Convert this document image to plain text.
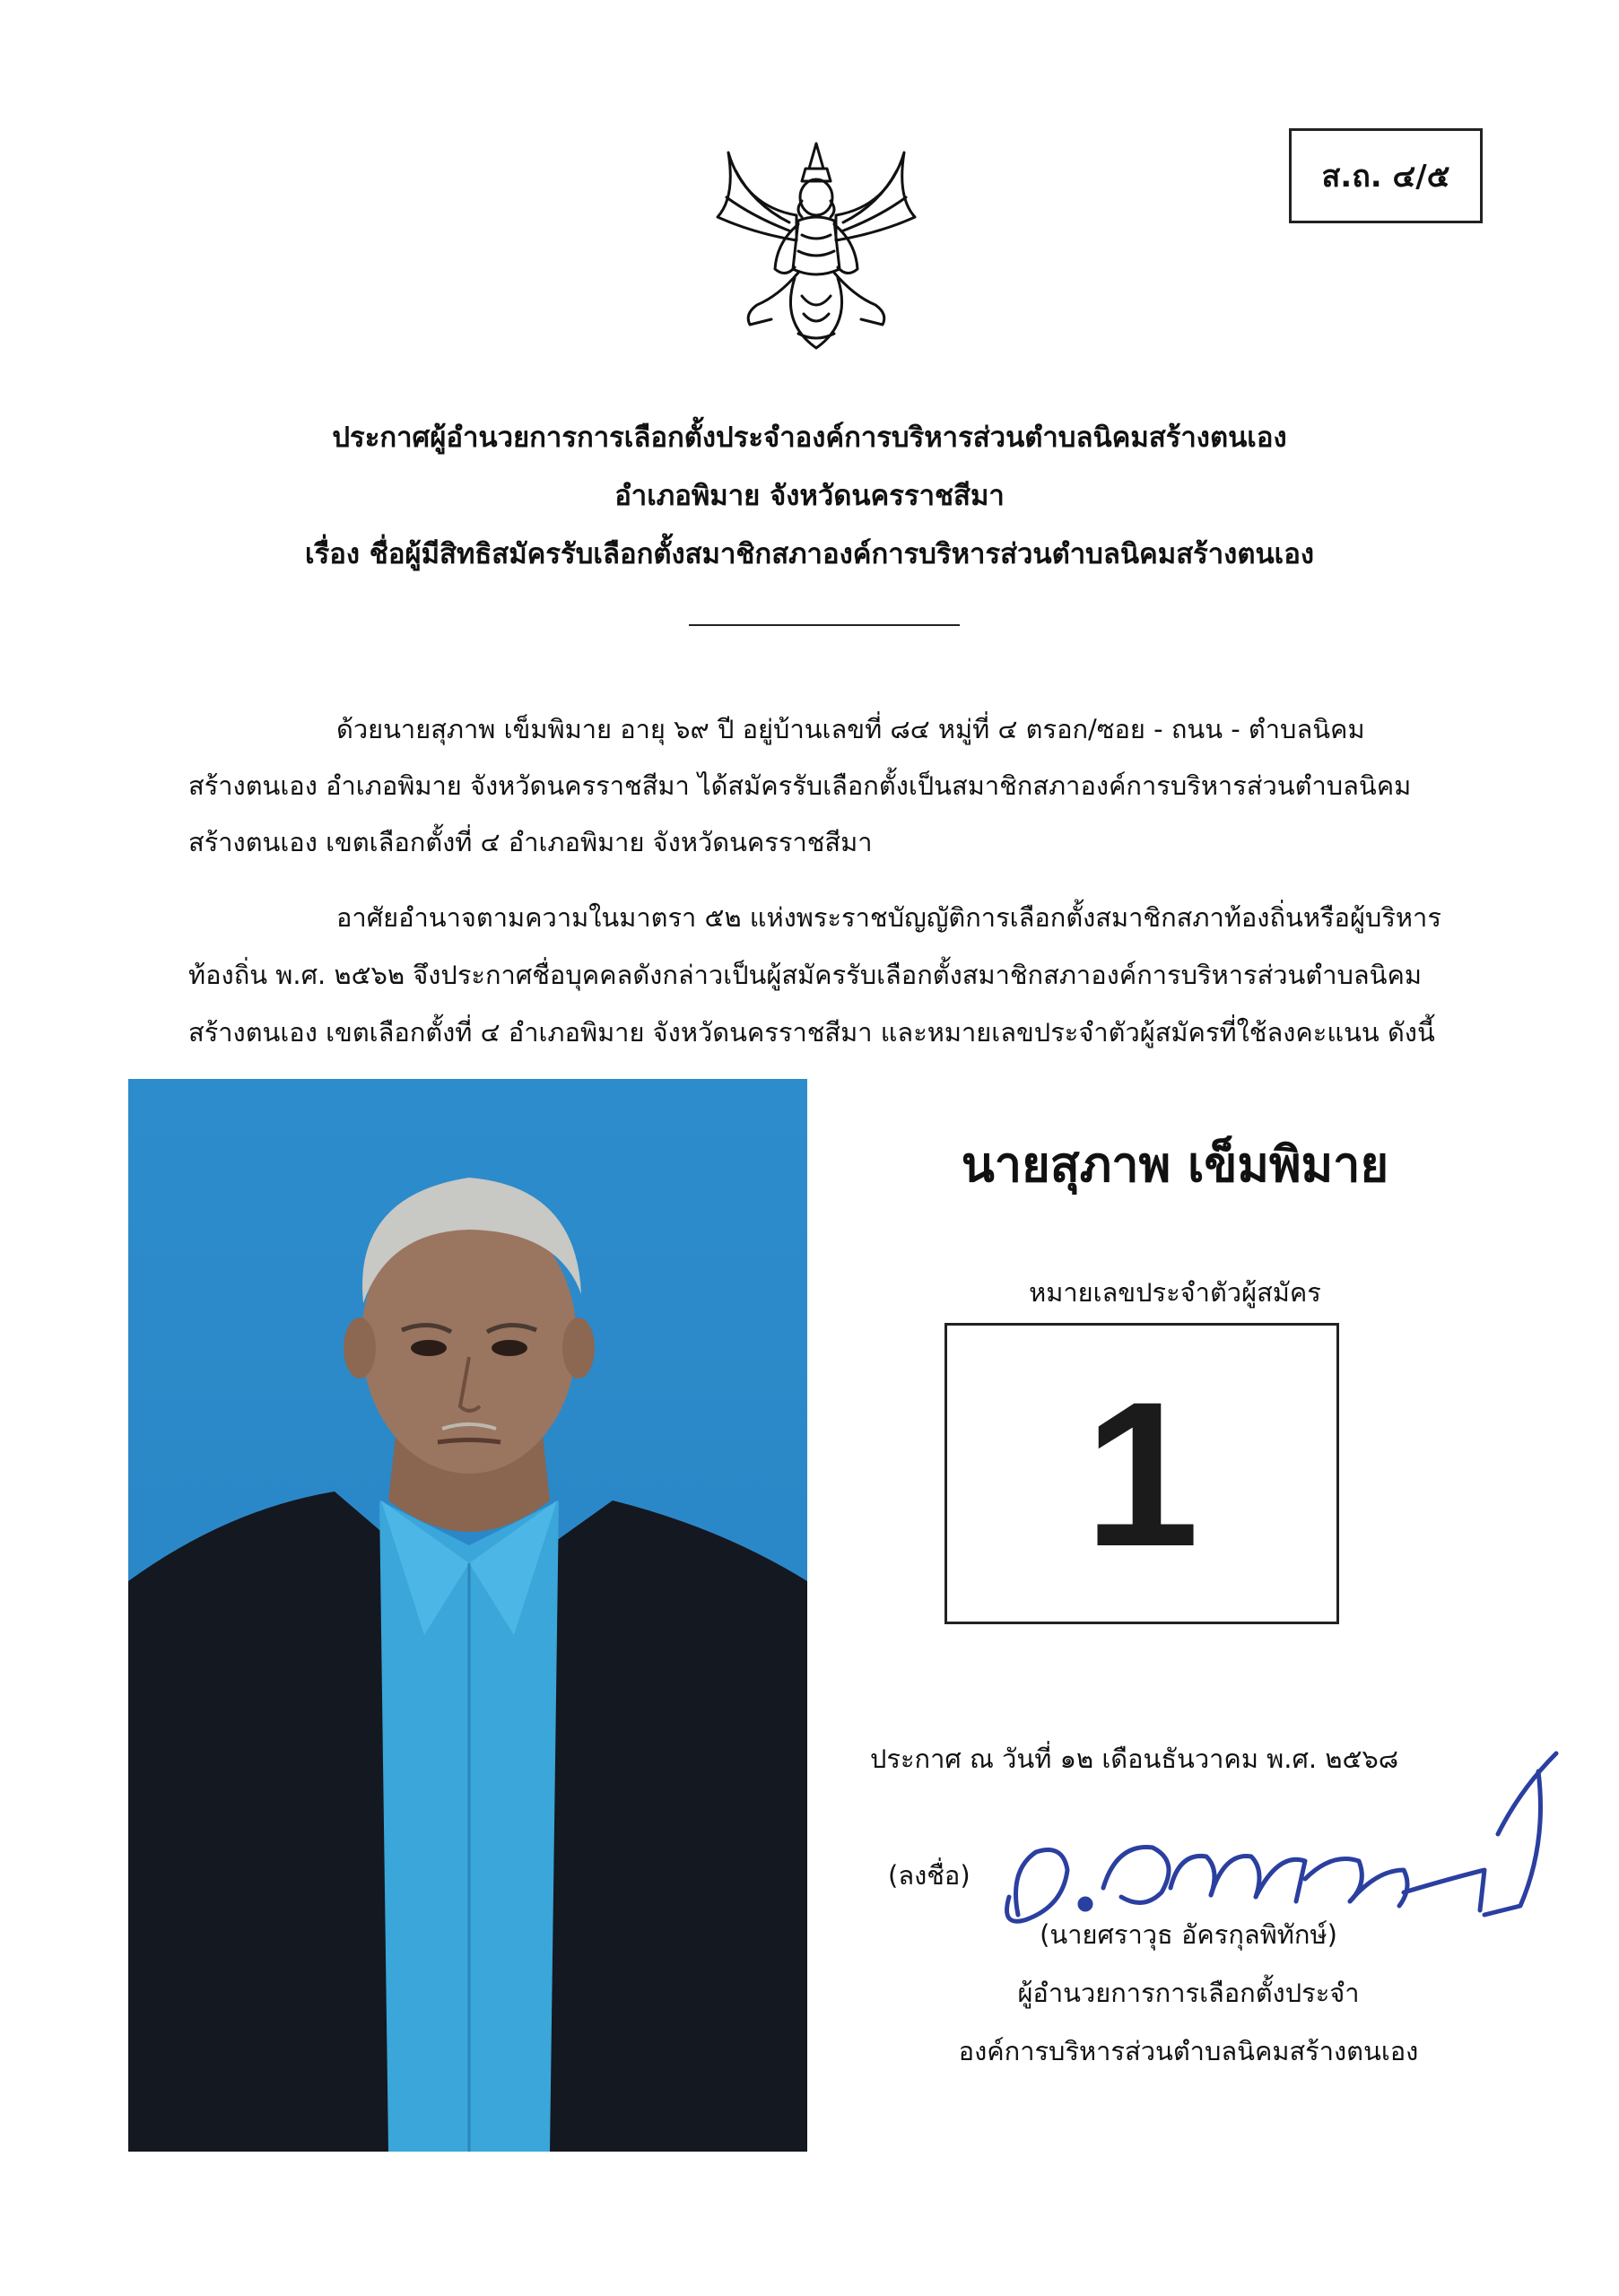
ส.ถ. ๔/๕
ประกาศผู้อำนวยการการเลือกตั้งประจำองค์การบริหารส่วนตำบลนิคมสร้างตนเอง
อำเภอพิมาย จังหวัดนครราชสีมา
เรื่อง ชื่อผู้มีสิทธิสมัครรับเลือกตั้งสมาชิกสภาองค์การบริหารส่วนตำบลนิคมสร้างตนเอง
ด้วยนายสุภาพ เข็มพิมาย อายุ ๖๙ ปี อยู่บ้านเลขที่ ๘๔ หมู่ที่ ๔ ตรอก/ซอย - ถนน - ตำบลนิคม
สร้างตนเอง อำเภอพิมาย จังหวัดนครราชสีมา ได้สมัครรับเลือกตั้งเป็นสมาชิกสภาองค์การบริหารส่วนตำบลนิคม
สร้างตนเอง เขตเลือกตั้งที่ ๔ อำเภอพิมาย จังหวัดนครราชสีมา
อาศัยอำนาจตามความในมาตรา ๕๒ แห่งพระราชบัญญัติการเลือกตั้งสมาชิกสภาท้องถิ่นหรือผู้บริหาร
ท้องถิ่น พ.ศ. ๒๕๖๒ จึงประกาศชื่อบุคคลดังกล่าวเป็นผู้สมัครรับเลือกตั้งสมาชิกสภาองค์การบริหารส่วนตำบลนิคม
สร้างตนเอง เขตเลือกตั้งที่ ๔ อำเภอพิมาย จังหวัดนครราชสีมา และหมายเลขประจำตัวผู้สมัครที่ใช้ลงคะแนน ดังนี้
นายสุภาพ เข็มพิมาย
หมายเลขประจำตัวผู้สมัคร
1
ประกาศ ณ วันที่ ๑๒ เดือนธันวาคม พ.ศ. ๒๕๖๘
(ลงชื่อ)
(นายศราวุธ อัครกุลพิทักษ์)
ผู้อำนวยการการเลือกตั้งประจำ
องค์การบริหารส่วนตำบลนิคมสร้างตนเอง
